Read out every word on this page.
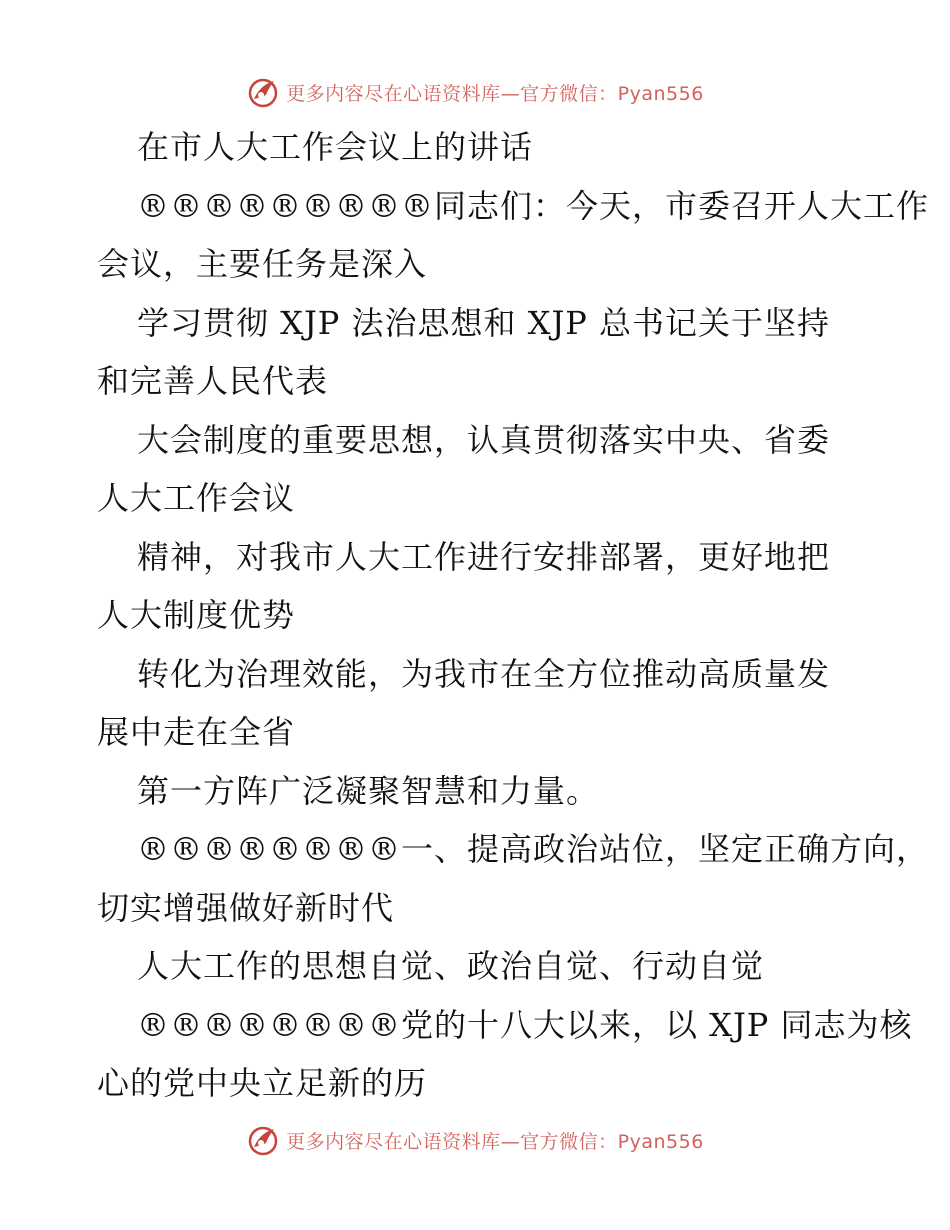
更多内容尽在心语资料库—官方微信：Pyan556
在市人大工作会议上的讲话
®®®®®®®®®同志们：今天，市委召开人大工作
会议，主要任务是深入
学习贯彻 XJP 法治思想和 XJP 总书记关于坚持
和完善人民代表
大会制度的重要思想，认真贯彻落实中央、省委
人大工作会议
精神，对我市人大工作进行安排部署，更好地把
人大制度优势
转化为治理效能，为我市在全方位推动高质量发
展中走在全省
第一方阵广泛凝聚智慧和力量。
®®®®®®®®一、提高政治站位，坚定正确方向，
切实增强做好新时代
人大工作的思想自觉、政治自觉、行动自觉
®®®®®®®®党的十八大以来，以 XJP 同志为核
心的党中央立足新的历
更多内容尽在心语资料库—官方微信：Pyan556
